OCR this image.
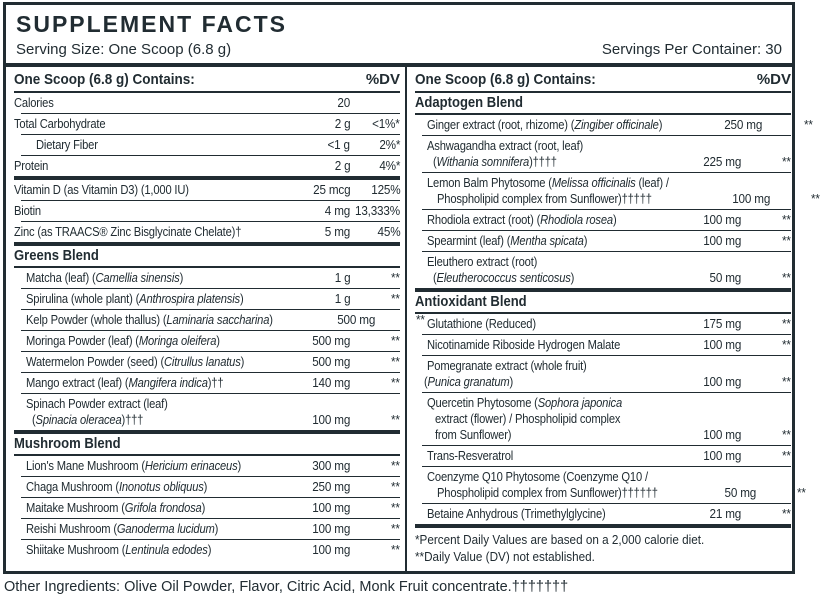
SUPPLEMENT FACTS
Serving Size: One Scoop (6.8 g)	Servings Per Container: 30
One Scoop (6.8 g) Contains:	%DV
Calories	20
Total Carbohydrate	2 g	<1%*
Dietary Fiber	<1 g	2%*
Protein	2 g	4%*
Vitamin D (as Vitamin D3) (1,000 IU)	25 mcg	125%
Biotin	4 mg 13,333%
Zinc (as TRAACS® Zinc Bisglycinate Chelate)†	5 mg	45%
Greens Blend
Matcha (leaf) (Camellia sinensis)	1 g	**
Spirulina (whole plant) (Anthrospira platensis)	1 g	**
Kelp Powder (whole thallus) (Laminaria saccharina)	500 mg	**
Moringa Powder (leaf) (Moringa oleifera)	500 mg	**
Watermelon Powder (seed) (Citrullus lanatus)	500 mg	**
Mango extract (leaf) (Mangifera indica)††	140 mg	**
Spinach Powder extract (leaf)
(Spinacia oleracea)†††	100 mg	**
Mushroom Blend
Lion's Mane Mushroom (Hericium erinaceus)	300 mg	**
Chaga Mushroom (Inonotus obliquus)	250 mg	**
Maitake Mushroom (Grifola frondosa)	100 mg	**
Reishi Mushroom (Ganoderma lucidum)	100 mg	**
Shiitake Mushroom (Lentinula edodes)	100 mg	**
One Scoop (6.8 g) Contains:	%DV
Adaptogen Blend
Ginger extract (root, rhizome) (Zingiber officinale)	250 mg	**
Ashwagandha extract (root, leaf)
(Withania somnifera)††††	225 mg	**
Lemon Balm Phytosome (Melissa officinalis (leaf) /
Phospholipid complex from Sunflower)†††††	100 mg	**
Rhodiola extract (root) (Rhodiola rosea)	100 mg	**
Spearmint (leaf) (Mentha spicata)	100 mg	**
Eleuthero extract (root)
(Eleutherococcus senticosus)	50 mg	**
Antioxidant Blend
Glutathione (Reduced)	175 mg	**
Nicotinamide Riboside Hydrogen Malate	100 mg	**
Pomegranate extract (whole fruit)
(Punica granatum)	100 mg	**
Quercetin Phytosome (Sophora japonica
extract (flower) / Phospholipid complex
from Sunflower)	100 mg	**
Trans-Resveratrol	100 mg	**
Coenzyme Q10 Phytosome (Coenzyme Q10 /
Phospholipid complex from Sunflower)††††††	50 mg	**
Betaine Anhydrous (Trimethylglycine)	21 mg	**
*Percent Daily Values are based on a 2,000 calorie diet.
**Daily Value (DV) not established.
Other Ingredients: Olive Oil Powder, Flavor, Citric Acid, Monk Fruit concentrate.†††††††
